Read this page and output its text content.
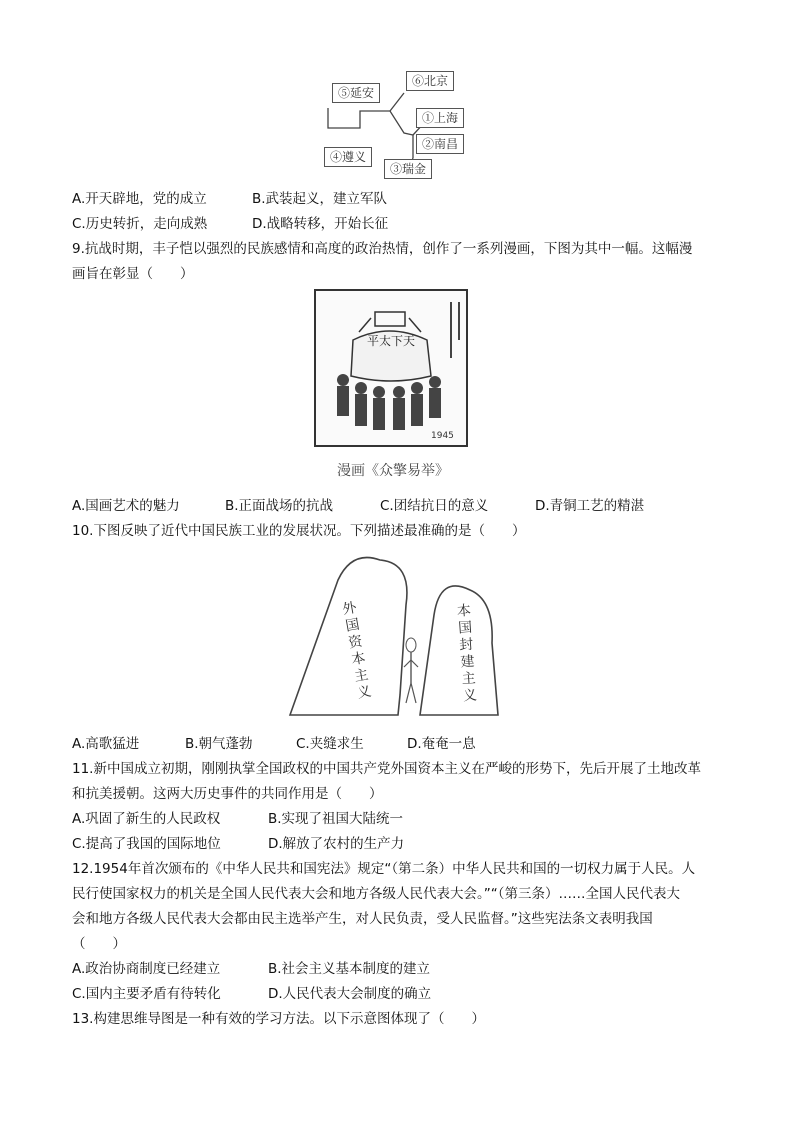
⑤延安
⑥北京
①上海
②南昌
④遵义
③瑞金
A.开天辟地，党的成立	B.武装起义，建立军队
C.历史转折，走向成熟	D.战略转移，开始长征
9.抗战时期，丰子恺以强烈的民族感情和高度的政治热情，创作了一系列漫画，下图为其中一幅。这幅漫
画旨在彰显（　　）
平太下天
1945
漫画《众擎易举》
A.国画艺术的魅力	B.正面战场的抗战	C.团结抗日的意义	D.青铜工艺的精湛
10.下图反映了近代中国民族工业的发展状况。下列描述最准确的是（　　）
外国资本主义
本国封建主义
A.高歌猛进	B.朝气蓬勃	C.夹缝求生	D.奄奄一息
11.新中国成立初期，刚刚执掌全国政权的中国共产党外国资本主义在严峻的形势下，先后开展了土地改革
和抗美援朝。这两大历史事件的共同作用是（　　）
A.巩固了新生的人民政权	B.实现了祖国大陆统一
C.提高了我国的国际地位	D.解放了农村的生产力
12.1954年首次颁布的《中华人民共和国宪法》规定“（第二条）中华人民共和国的一切权力属于人民。人
民行使国家权力的机关是全国人民代表大会和地方各级人民代表大会。”“（第三条）……全国人民代表大
会和地方各级人民代表大会都由民主选举产生，对人民负责，受人民监督。”这些宪法条文表明我国
（　　）
A.政治协商制度已经建立	B.社会主义基本制度的建立
C.国内主要矛盾有待转化	D.人民代表大会制度的确立
13.构建思维导图是一种有效的学习方法。以下示意图体现了（　　）
